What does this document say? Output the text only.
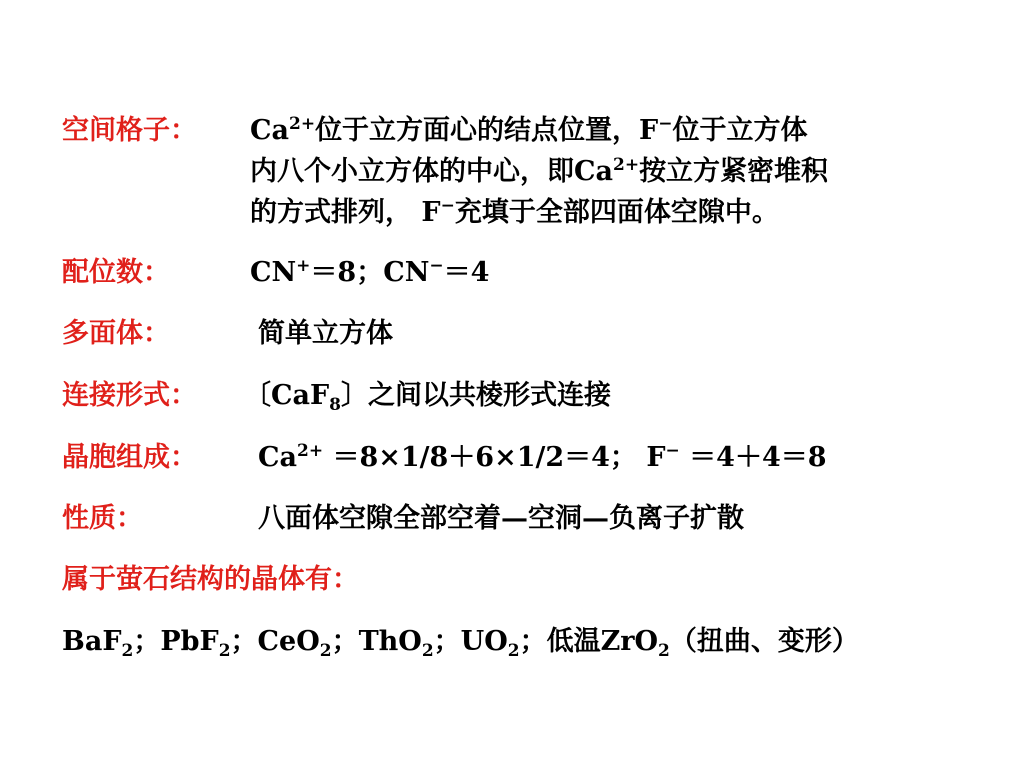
空间格子： $Ca^{2+}$位于立方面心的结点位置，F−位于立方体
内八个小立方体的中心，即$Ca^{2+}$按立方紧密堆积
的方式排列， F−充填于全部四面体空隙中。
配位数：	CN+＝8；CN−＝4
多面体：	简单立方体
连接形式： 〔CaF$_8$〕之间以共棱形式连接
晶胞组成： $Ca^{2+} =8\times 1/8+6\times 1/2=4$； F− ＝4＋4＝8
性质：	八面体空隙全部空着—空洞—负离子扩散
属于萤石结构的晶体有：
BaF$_2$；PbF$_2$；CeO$_2$；ThO$_2$；$UO_2$；低温ZrO$_2$（扭曲、变形）
